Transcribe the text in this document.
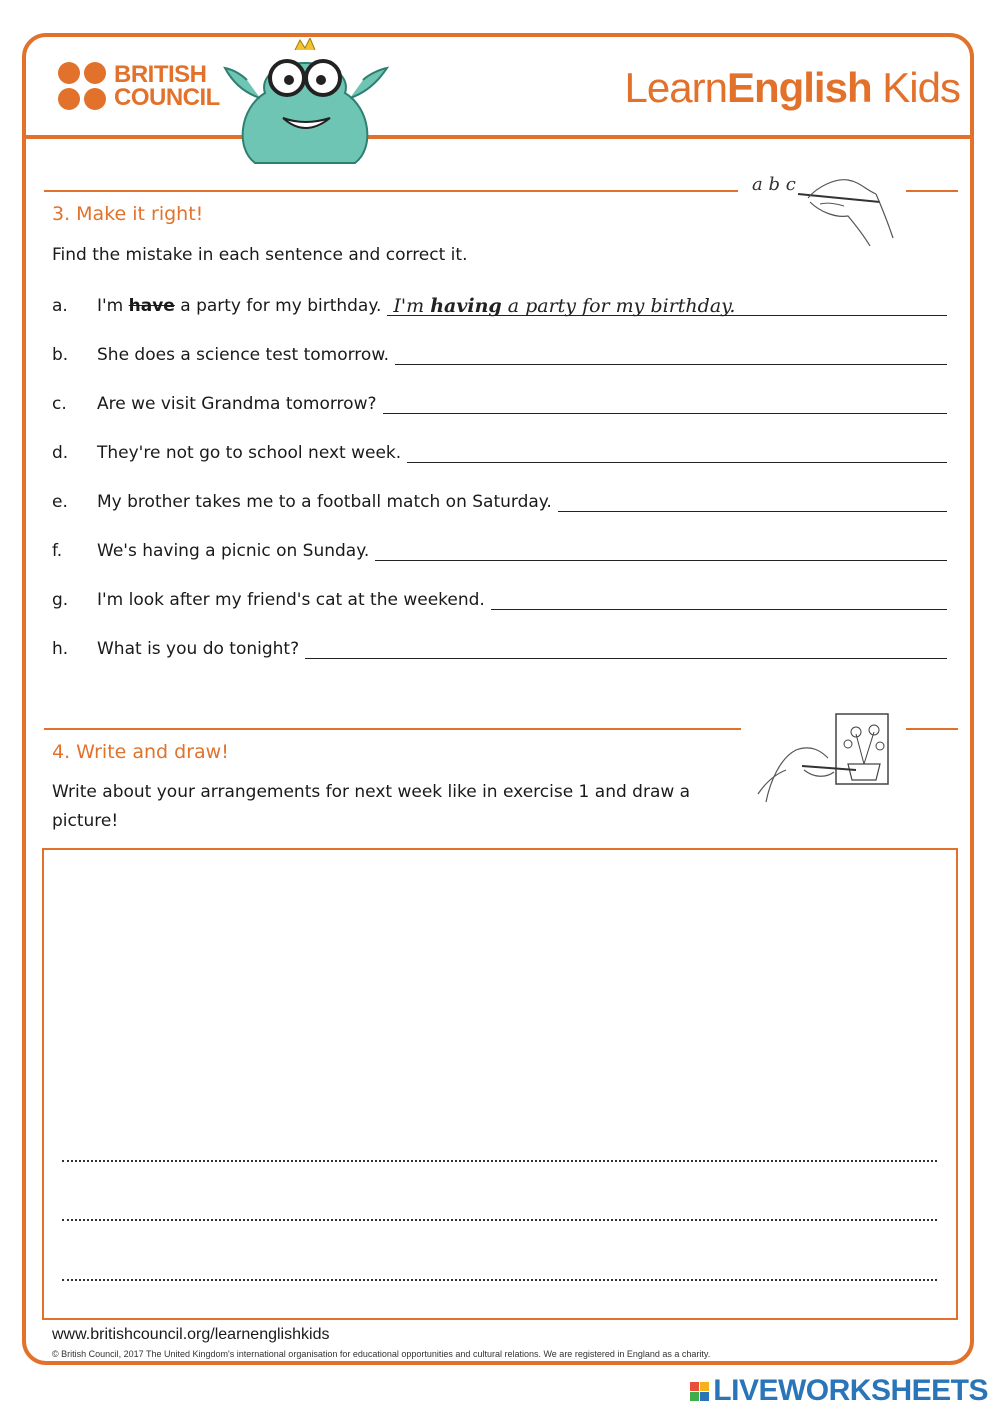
BRITISH
COUNCIL	LearnEnglish Kids
a b c
3. Make it right!
Find the mistake in each sentence and correct it.
a.	I'm have a party for my birthday. I'm having a party for my birthday.
b.	She does a science test tomorrow.
c.	Are we visit Grandma tomorrow?
d.	They're not go to school next week.
e.	My brother takes me to a football match on Saturday.
f.	We's having a picnic on Sunday.
g.	I'm look after my friend's cat at the weekend.
h.	What is you do tonight?
4. Write and draw!
Write about your arrangements for next week like in exercise 1 and draw a
picture!
www.britishcouncil.org/learnenglishkids
© British Council, 2017 The United Kingdom's international organisation for educational opportunities and cultural relations. We are registered in England as a charity.
LIVEWORKSHEETS
